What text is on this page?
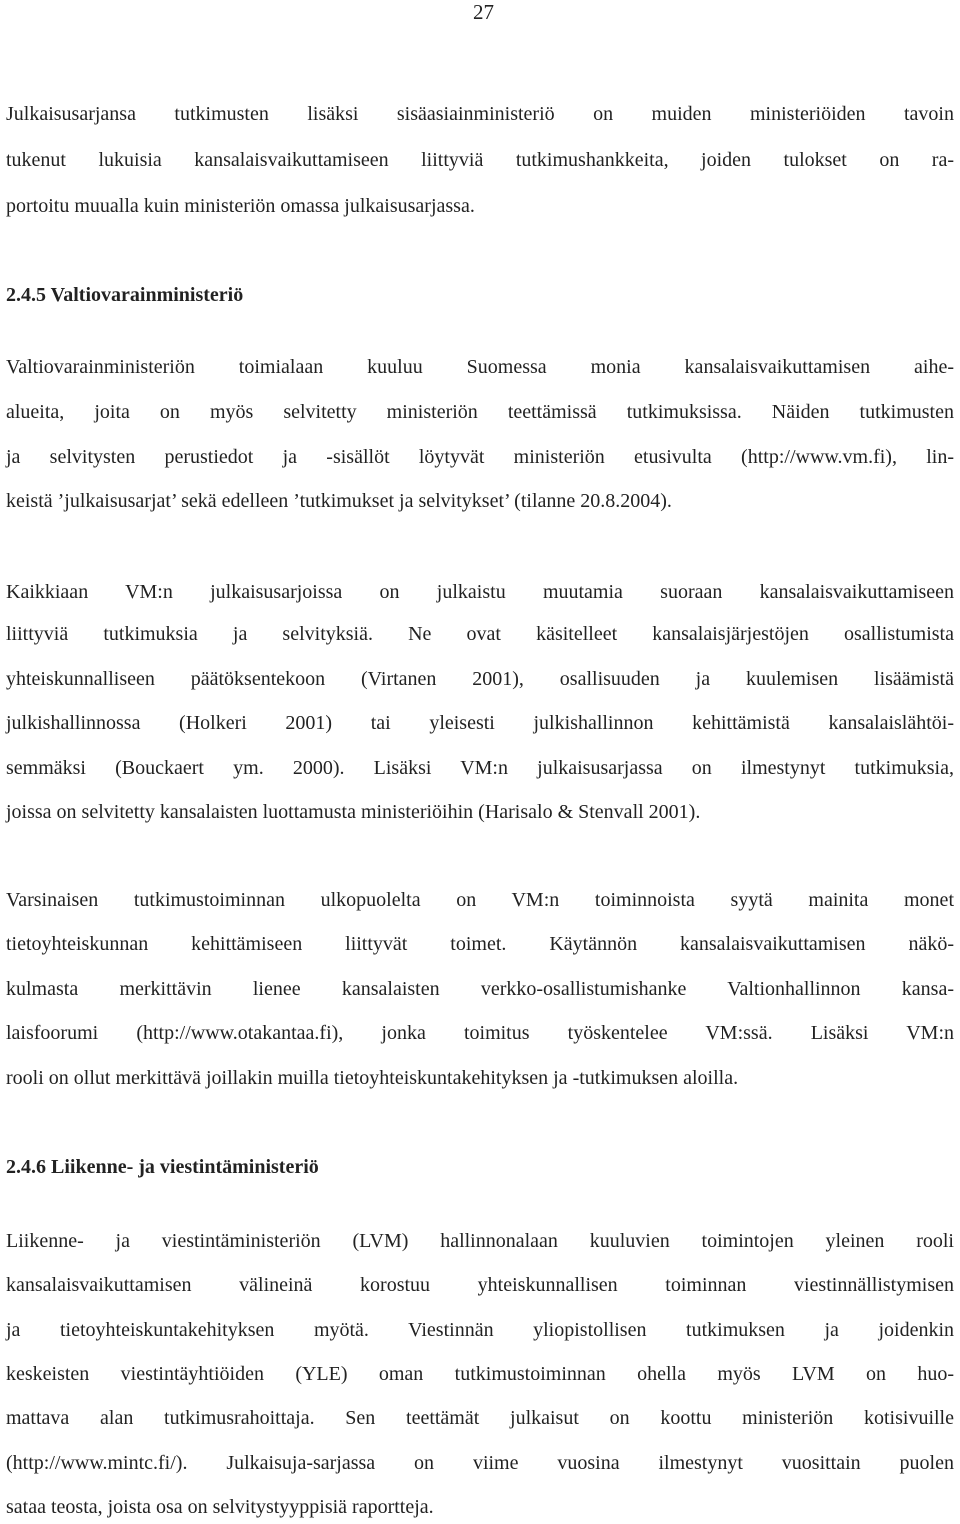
27
Julkaisusarjansa tutkimusten lisäksi sisäasiainministeriö on muiden ministeriöiden tavoin
tukenut lukuisia kansalaisvaikuttamiseen liittyviä tutkimushankkeita, joiden tulokset on ra-
portoitu muualla kuin ministeriön omassa julkaisusarjassa.
2.4.5 Valtiovarainministeriö
Valtiovarainministeriön toimialaan kuuluu Suomessa monia kansalaisvaikuttamisen aihe-
alueita, joita on myös selvitetty ministeriön teettämissä tutkimuksissa. Näiden tutkimusten
ja selvitysten perustiedot ja -sisällöt löytyvät ministeriön etusivulta (http://www.vm.fi), lin-
keistä ’julkaisusarjat’ sekä edelleen ’tutkimukset ja selvitykset’ (tilanne 20.8.2004).
Kaikkiaan VM:n julkaisusarjoissa on julkaistu muutamia suoraan kansalaisvaikuttamiseen
liittyviä tutkimuksia ja selvityksiä. Ne ovat käsitelleet kansalaisjärjestöjen osallistumista
yhteiskunnalliseen päätöksentekoon (Virtanen 2001), osallisuuden ja kuulemisen lisäämistä
julkishallinnossa (Holkeri 2001) tai yleisesti julkishallinnon kehittämistä kansalaislähtöi-
semmäksi (Bouckaert ym. 2000). Lisäksi VM:n julkaisusarjassa on ilmestynyt tutkimuksia,
joissa on selvitetty kansalaisten luottamusta ministeriöihin (Harisalo & Stenvall 2001).
Varsinaisen tutkimustoiminnan ulkopuolelta on VM:n toiminnoista syytä mainita monet
tietoyhteiskunnan kehittämiseen liittyvät toimet. Käytännön kansalaisvaikuttamisen näkö-
kulmasta merkittävin lienee kansalaisten verkko-osallistumishanke Valtionhallinnon kansa-
laisfoorumi (http://www.otakantaa.fi), jonka toimitus työskentelee VM:ssä. Lisäksi VM:n
rooli on ollut merkittävä joillakin muilla tietoyhteiskuntakehityksen ja -tutkimuksen aloilla.
2.4.6 Liikenne- ja viestintäministeriö
Liikenne- ja viestintäministeriön (LVM) hallinnonalaan kuuluvien toimintojen yleinen rooli
kansalaisvaikuttamisen välineinä korostuu yhteiskunnallisen toiminnan viestinnällistymisen
ja tietoyhteiskuntakehityksen myötä. Viestinnän yliopistollisen tutkimuksen ja joidenkin
keskeisten viestintäyhtiöiden (YLE) oman tutkimustoiminnan ohella myös LVM on huo-
mattava alan tutkimusrahoittaja. Sen teettämät julkaisut on koottu ministeriön kotisivuille
(http://www.mintc.fi/). Julkaisuja-sarjassa on viime vuosina ilmestynyt vuosittain puolen
sataa teosta, joista osa on selvitystyyppisiä raportteja.
